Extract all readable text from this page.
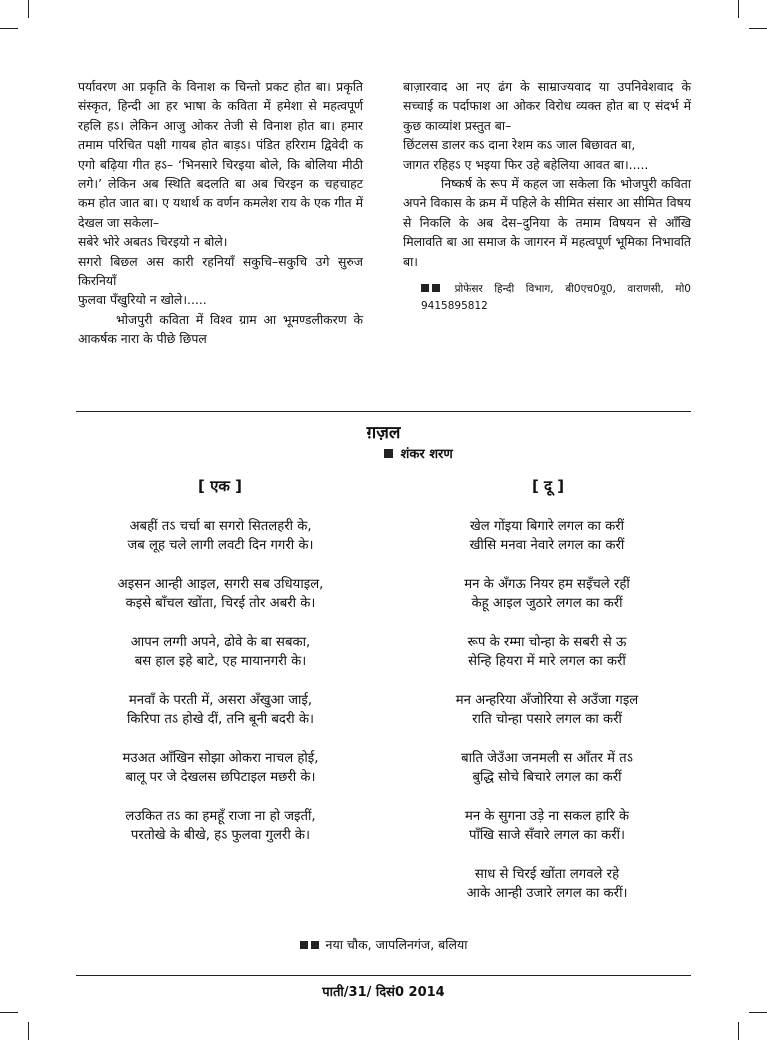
पर्यावरण आ प्रकृति के विनाश क चिन्तो प्रकट होत बा। प्रकृति संस्कृत, हिन्दी आ हर भाषा के कविता में हमेशा से महत्वपूर्ण रहलि हऽ। लेकिन आजु ओकर तेजी से विनाश होत बा। हमार तमाम परिचित पक्षी गायब होत बाड़ऽ। पंडित हरिराम द्विवेदी क एगो बढ़िया गीत हऽ– ‘भिनसारे चिरइया बोले, कि बोलिया मीठी लगे।’ लेकिन अब स्थिति बदलति बा अब चिरइन क चहचाहट कम होत जात बा। ए यथार्थ क वर्णन कमलेश राय के एक गीत में देखल जा सकेला–

सबेरे भोरे अबतऽ चिरइयो न बोले।

सगरो बिछल अस कारी रहनियाँ सकुचि–सकुचि उगे सुरुज किरनियाँ

फुलवा पँखुरियो न खोले।.....

भोजपुरी कविता में विश्व ग्राम आ भूमण्डलीकरण के आकर्षक नारा के पीछे छिपल

बाज़ारवाद आ नए ढंग के साम्राज्यवाद या उपनिवेशवाद के सच्चाई क पर्दाफाश आ ओकर विरोध व्यक्त होत बा ए संदर्भ में कुछ काव्यांश प्रस्तुत बा–

छिंटलस डालर कऽ दाना रेशम कऽ जाल बिछावत बा,

जागत रहिहऽ ए भइया फिर उहे बहेलिया आवत बा।.....

निष्कर्ष के रूप में कहल जा सकेला कि भोजपुरी कविता अपने विकास के क्रम में पहिले के सीमित संसार आ सीमित विषय से निकलि के अब देस–दुनिया के तमाम विषयन से आँखि मिलावति बा आ समाज के जागरन में महत्वपूर्ण भूमिका निभावति बा।

प्रोफेसर हिन्दी विभाग, बी0एच0यू0, वाराणसी, मो0 9415895812
ग़ज़ल
शंकर शरण
[ एक ]	[ दू ]
अबहीं तऽ चर्चा बा सगरो सितलहरी के,
जब लूह चले लागी लवटी दिन गगरी के।
अइसन आन्ही आइल, सगरी सब उधियाइल,
कइसे बाँचल खोंता, चिरई तोर अबरी के।
आपन लग्गी अपने, ढोवे के बा सबका,
बस हाल इहे बाटे, एह मायानगरी के।
मनवाँ के परती में, असरा अँखुआ जाई,
किरिपा तऽ होखे दीं, तनि बूनी बदरी के।
मउअत आँखिन सोझा ओकरा नाचल होई,
बालू पर जे देखलस छपिटाइल मछरी के।
लउकित तऽ का हमहूँ राजा ना हो जइतीं,
परतोखे के बीखे, हऽ फुलवा गुलरी के।
खेल गोंइया बिगारे लगल का करीं
खीसि मनवा नेवारे लगल का करीं
मन के अँगऊ नियर हम सइँचले रहीं
केहू आइल जुठारे लगल का करीं
रूप के रम्मा चोन्हा के सबरी से ऊ
सेन्हि हियरा में मारे लगल का करीं
मन अन्हरिया अँजोरिया से अउँजा गइल
राति चोन्हा पसारे लगल का करीं
बाति जेउँआ जनमली स आँतर में तऽ
बुद्धि सोचे बिचारे लगल का करीं
मन के सुगना उड़े ना सकल हारि के
पाँखि साजे सँवारे लगल का करीं।
साध से चिरई खोंता लगवले रहे
आके आन्ही उजारे लगल का करीं।
नया चौक, जापलिनगंज, बलिया
पाती/31/ दिसं0 2014
